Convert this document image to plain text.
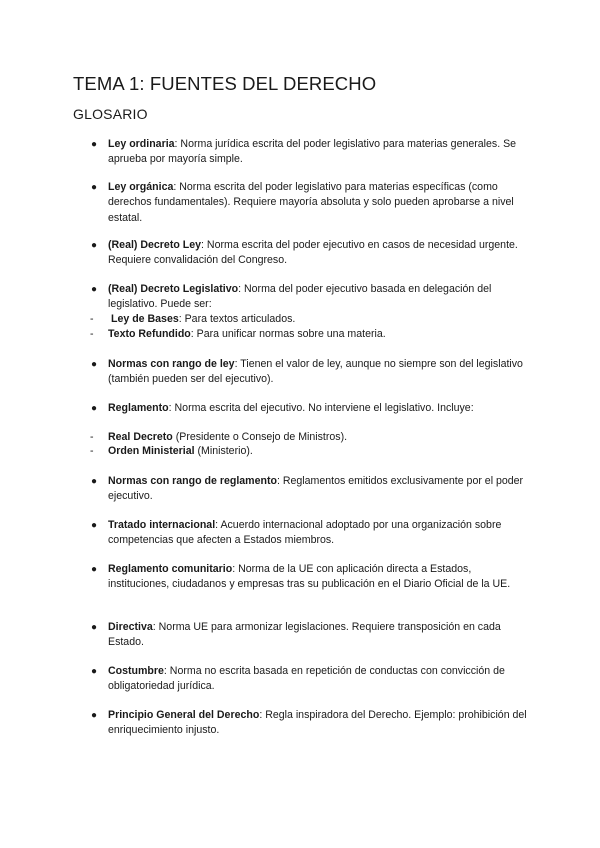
TEMA 1: FUENTES DEL DERECHO
GLOSARIO
● Ley ordinaria: Norma jurídica escrita del poder legislativo para materias generales. Se aprueba por mayoría simple.
● Ley orgánica: Norma escrita del poder legislativo para materias específicas (como derechos fundamentales). Requiere mayoría absoluta y solo pueden aprobarse a nivel estatal.
● (Real) Decreto Ley: Norma escrita del poder ejecutivo en casos de necesidad urgente. Requiere convalidación del Congreso.
● (Real) Decreto Legislativo: Norma del poder ejecutivo basada en delegación del legislativo. Puede ser:
- Ley de Bases: Para textos articulados.
- Texto Refundido: Para unificar normas sobre una materia.
● Normas con rango de ley: Tienen el valor de ley, aunque no siempre son del legislativo (también pueden ser del ejecutivo).
● Reglamento: Norma escrita del ejecutivo. No interviene el legislativo. Incluye:
- Real Decreto (Presidente o Consejo de Ministros).
- Orden Ministerial (Ministerio).
● Normas con rango de reglamento: Reglamentos emitidos exclusivamente por el poder ejecutivo.
● Tratado internacional: Acuerdo internacional adoptado por una organización sobre competencias que afecten a Estados miembros.
● Reglamento comunitario: Norma de la UE con aplicación directa a Estados, instituciones, ciudadanos y empresas tras su publicación en el Diario Oficial de la UE.
● Directiva: Norma UE para armonizar legislaciones. Requiere transposición en cada Estado.
● Costumbre: Norma no escrita basada en repetición de conductas con convicción de obligatoriedad jurídica.
● Principio General del Derecho: Regla inspiradora del Derecho. Ejemplo: prohibición del enriquecimiento injusto.
